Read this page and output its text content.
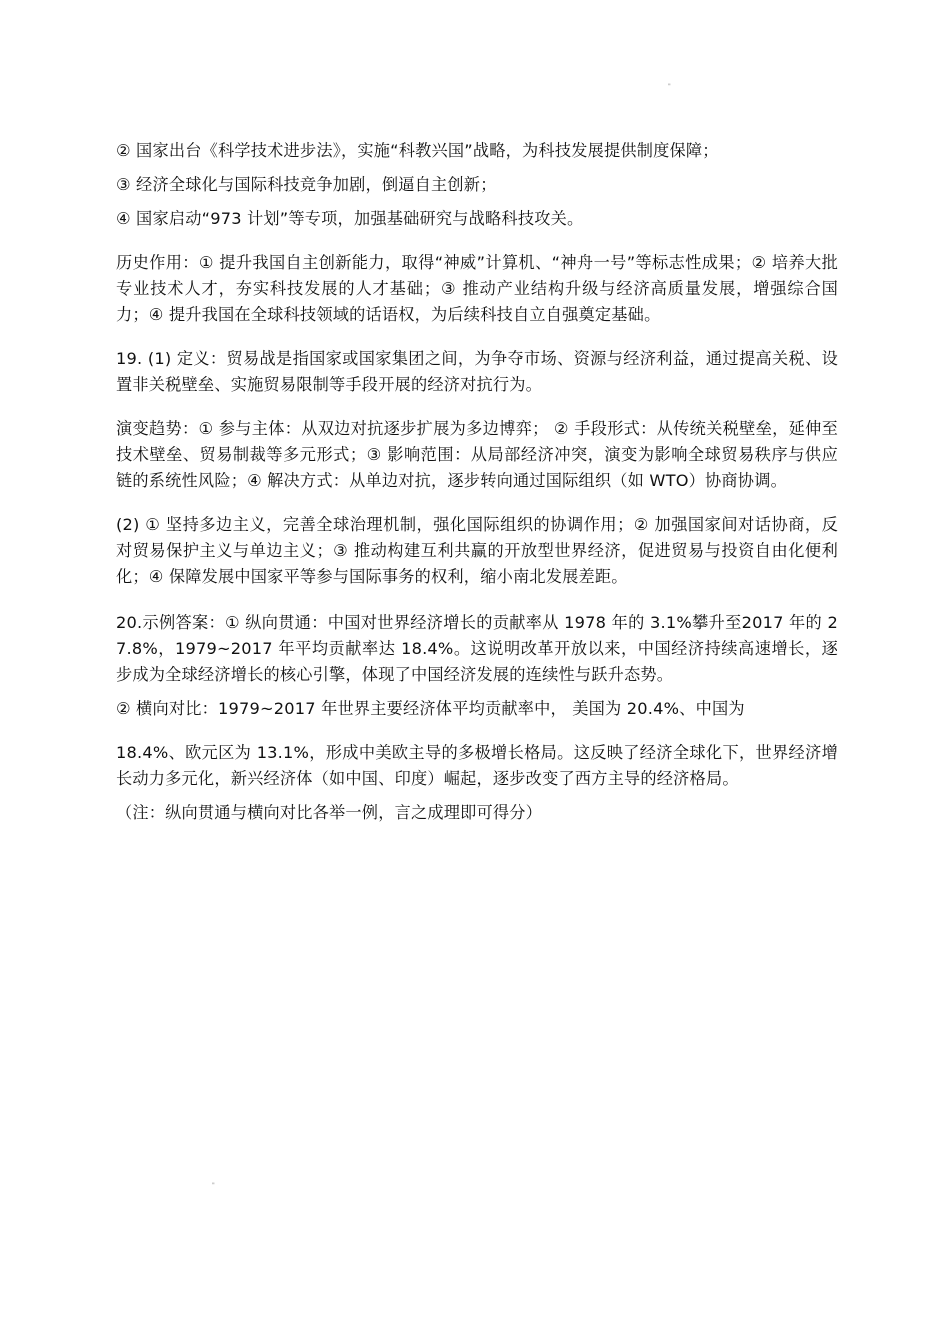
"

② 国家出台《科学技术进步法》，实施“科教兴国”战略，为科技发展提供制度保障；

③ 经济全球化与国际科技竞争加剧，倒逼自主创新；

④ 国家启动“973 计划”等专项，加强基础研究与战略科技攻关。

历史作用：① 提升我国自主创新能力，取得“神威”计算机、“神舟一号”等标志性成果；② 培养大批专业技术人才，夯实科技发展的人才基础；③ 推动产业结构升级与经济高质量发展，增强综合国力；④ 提升我国在全球科技领域的话语权，为后续科技自立自强奠定基础。

19. (1) 定义：贸易战是指国家或国家集团之间，为争夺市场、资源与经济利益，通过提高关税、设置非关税壁垒、实施贸易限制等手段开展的经济对抗行为。

演变趋势：① 参与主体：从双边对抗逐步扩展为多边博弈； ② 手段形式：从传统关税壁垒，延伸至技术壁垒、贸易制裁等多元形式；③ 影响范围：从局部经济冲突，演变为影响全球贸易秩序与供应链的系统性风险；④ 解决方式：从单边对抗，逐步转向通过国际组织（如 WTO）协商协调。

(2) ① 坚持多边主义，完善全球治理机制，强化国际组织的协调作用；② 加强国家间对话协商，反对贸易保护主义与单边主义；③ 推动构建互利共赢的开放型世界经济，促进贸易与投资自由化便利化；④ 保障发展中国家平等参与国际事务的权利，缩小南北发展差距。

20.示例答案：① 纵向贯通：中国对世界经济增长的贡献率从 1978 年的 3.1%攀升至2017 年的 27.8%，1979~2017 年平均贡献率达 18.4%。这说明改革开放以来，中国经济持续高速增长，逐步成为全球经济增长的核心引擎，体现了中国经济发展的连续性与跃升态势。

② 横向对比：1979~2017 年世界主要经济体平均贡献率中， 美国为 20.4%、中国为

18.4%、欧元区为 13.1%，形成中美欧主导的多极增长格局。这反映了经济全球化下，世界经济增长动力多元化，新兴经济体（如中国、印度）崛起，逐步改变了西方主导的经济格局。

（注：纵向贯通与横向对比各举一例，言之成理即可得分）

"
